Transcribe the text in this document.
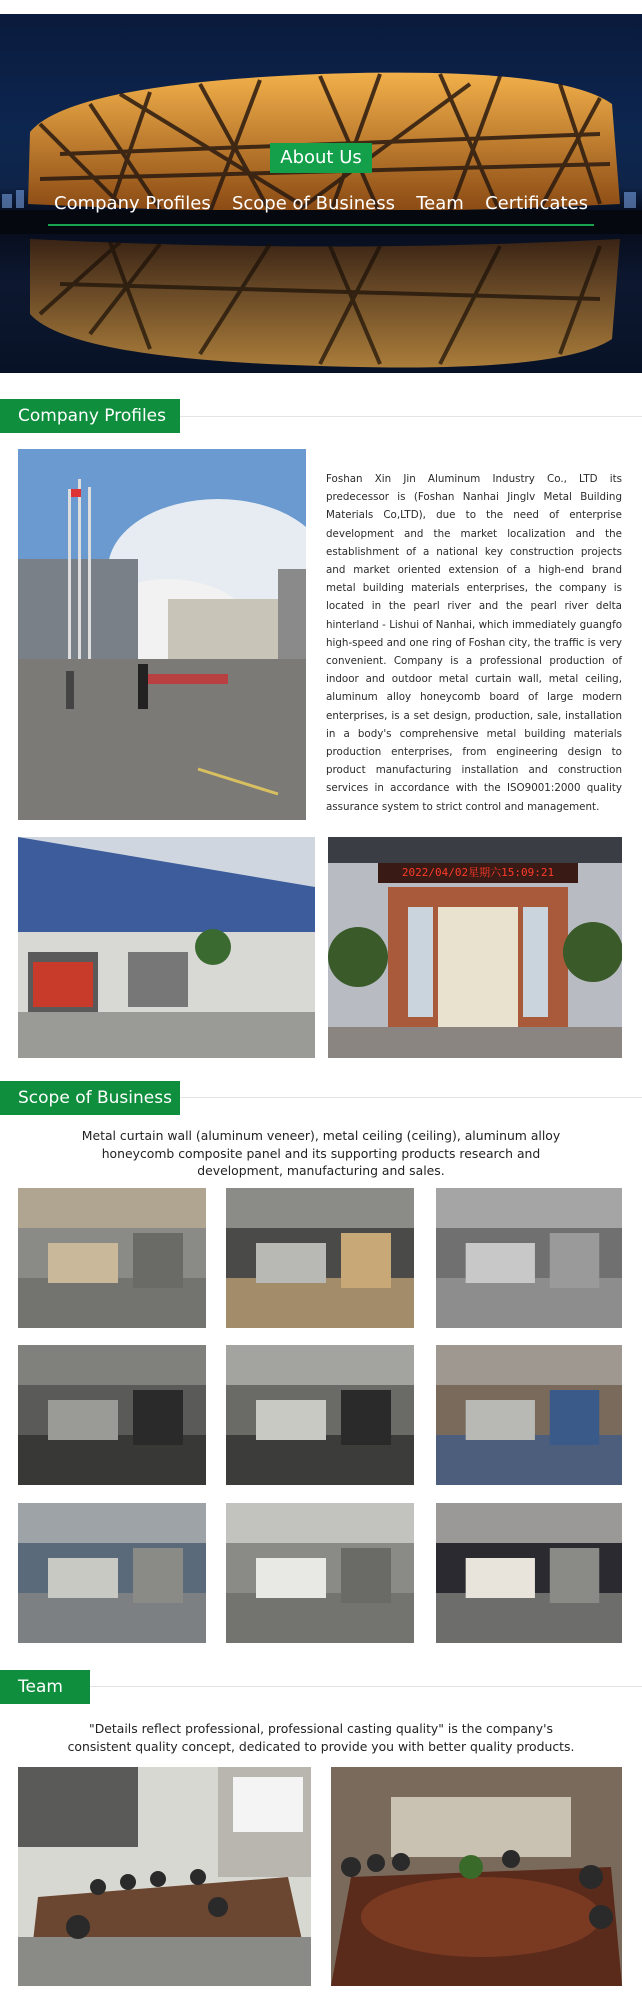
About Us
Company Profiles Scope of Business Team Certificates
Company Profiles
Foshan Xin Jin Aluminum Industry Co., LTD its predecessor is (Foshan Nanhai Jinglv Metal Building Materials Co,LTD), due to the need of enterprise development and the market localization and the establishment of a national key construction projects and market oriented extension of a high-end brand metal building materials enterprises, the company is located in the pearl river and the pearl river delta hinterland - Lishui of Nanhai, which immediately guangfo high-speed and one ring of Foshan city, the traffic is very convenient. Company is a professional production of indoor and outdoor metal curtain wall, metal ceiling, aluminum alloy honeycomb board of large modern enterprises, is a set design, production, sale, installation in a body's comprehensive metal building materials production enterprises, from engineering design to product manufacturing installation and construction services in accordance with the ISO9001:2000 quality assurance system to strict control and management.
2022/04/02星期六15:09:21
Scope of Business
Metal curtain wall (aluminum veneer), metal ceiling (ceiling), aluminum alloy honeycomb composite panel and its supporting products research and development, manufacturing and sales.
Team
"Details reflect professional, professional casting quality" is the company's consistent quality concept, dedicated to provide you with better quality products.
